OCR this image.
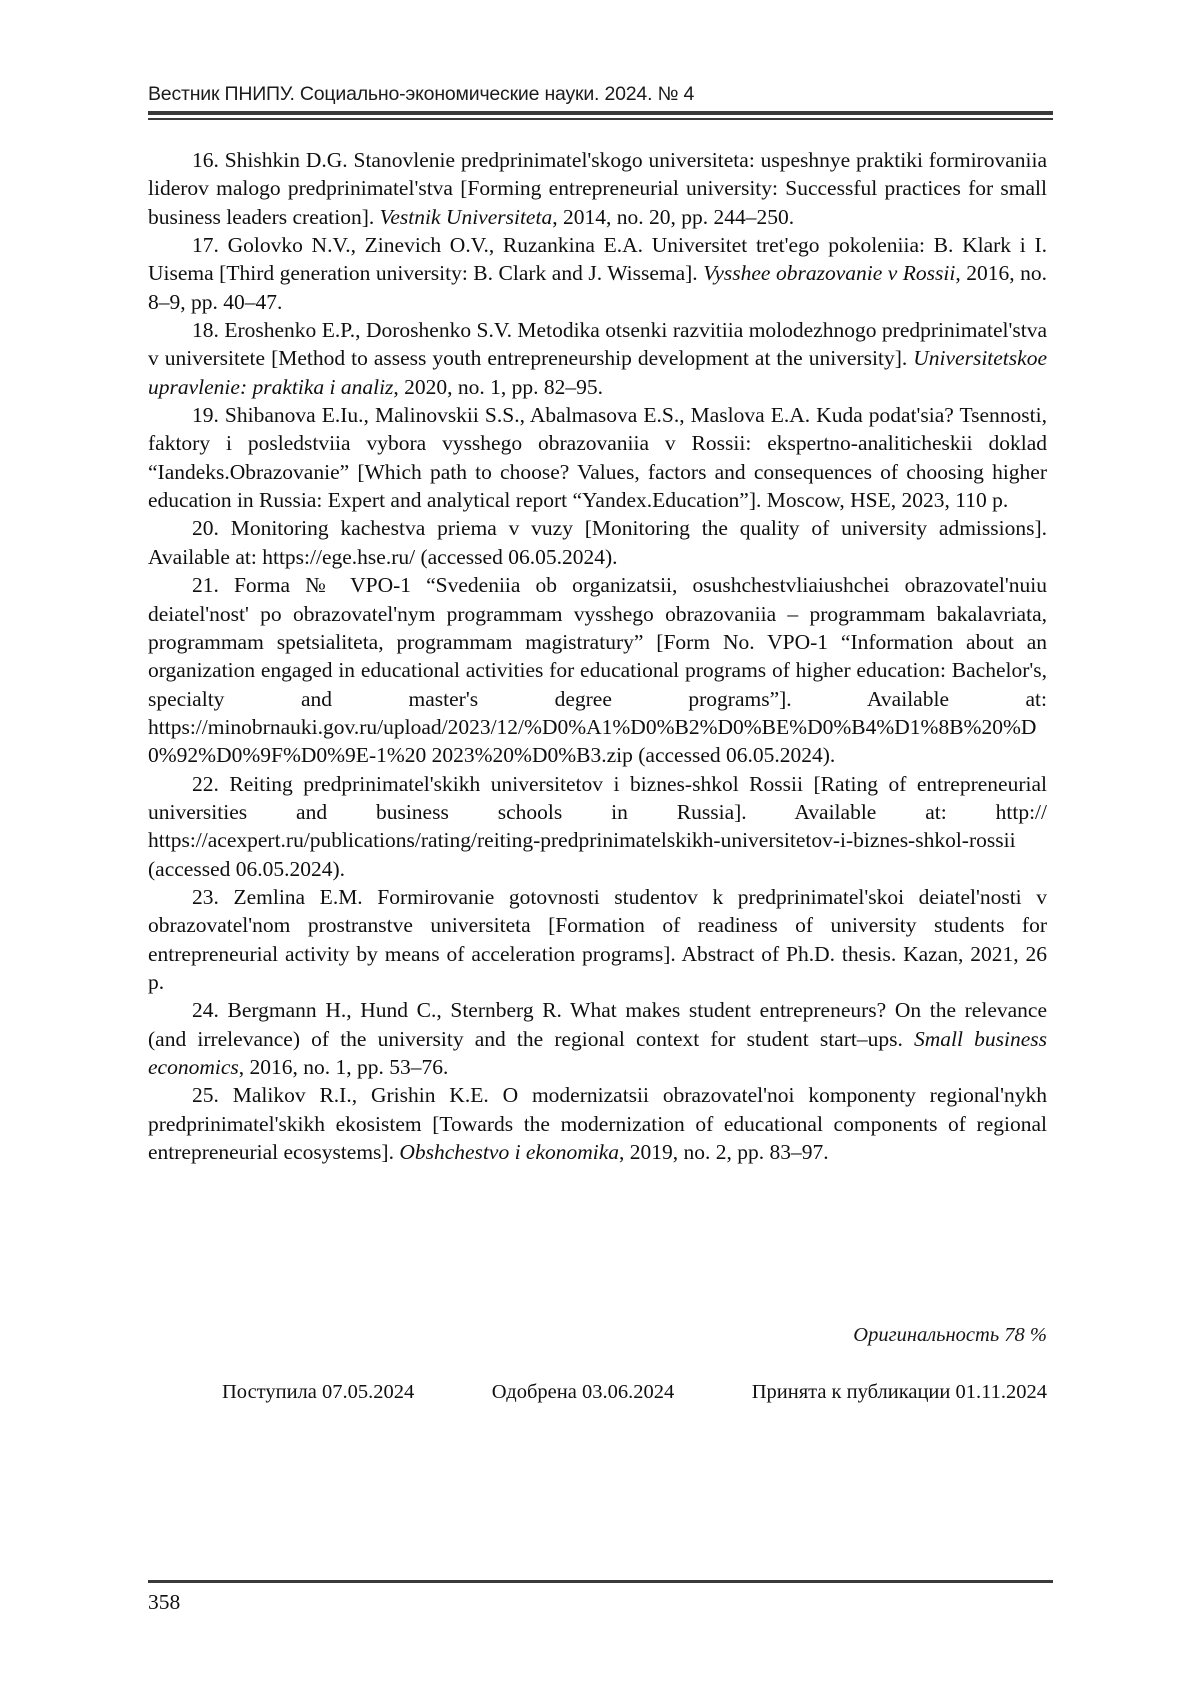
Вестник ПНИПУ. Социально-экономические науки. 2024. № 4

16. Shishkin D.G. Stanovlenie predprinimatel'skogo universiteta: uspeshnye praktiki formirovaniia liderov malogo predprinimatel'stva [Forming entrepreneurial university: Successful practices for small business leaders creation]. Vestnik Universiteta, 2014, no. 20, pp. 244–250.

17. Golovko N.V., Zinevich O.V., Ruzankina E.A. Universitet tret'ego pokoleniia: B. Klark i I. Uisema [Third generation university: B. Clark and J. Wissema]. Vysshee obrazovanie v Rossii, 2016, no. 8–9, pp. 40–47.

18. Eroshenko E.P., Doroshenko S.V. Metodika otsenki razvitiia molodezhnogo predprinimatel'stva v universitete [Method to assess youth entrepreneurship development at the university]. Universitetskoe upravlenie: praktika i analiz, 2020, no. 1, pp. 82–95.

19. Shibanova E.Iu., Malinovskii S.S., Abalmasova E.S., Maslova E.A. Kuda podat'sia? Tsennosti, faktory i posledstviia vybora vysshego obrazovaniia v Rossii: ekspertno-analiticheskii doklad “Iandeks.Obrazovanie” [Which path to choose? Values, factors and consequences of choosing higher education in Russia: Expert and analytical report “Yandex.Education”]. Moscow, HSE, 2023, 110 p.

20. Monitoring kachestva priema v vuzy [Monitoring the quality of university admissions]. Available at: https://ege.hse.ru/ (accessed 06.05.2024).

21. Forma № VPO-1 “Svedeniia ob organizatsii, osushchestvliaiushchei obrazovatel'nuiu deiatel'nost' po obrazovatel'nym programmam vysshego obrazovaniia – programmam bakalavriata, programmam spetsialiteta, programmam magistratury” [Form No. VPO-1 “Information about an organization engaged in educational activities for educational programs of higher education: Bachelor's, specialty and master's degree programs”]. Available at: https://minobrnauki.gov.ru/upload/2023/12/%D0%A1%D0%B2%D0%BE%D0%B4%D1%8B%20%D0%92%D0%9F%D0%9E-1%20 2023%20%D0%B3.zip (accessed 06.05.2024).

22. Reiting predprinimatel'skikh universitetov i biznes-shkol Rossii [Rating of entrepreneurial universities and business schools in Russia]. Available at: http:// https://acexpert.ru/publications/rating/reiting-predprinimatelskikh-universitetov-i-biznes-shkol-rossii (accessed 06.05.2024).

23. Zemlina E.M. Formirovanie gotovnosti studentov k predprinimatel'skoi deiatel'nosti v obrazovatel'nom prostranstve universiteta [Formation of readiness of university students for entrepreneurial activity by means of acceleration programs]. Abstract of Ph.D. thesis. Kazan, 2021, 26 p.

24. Bergmann H., Hund C., Sternberg R. What makes student entrepreneurs? On the relevance (and irrelevance) of the university and the regional context for student start–ups. Small business economics, 2016, no. 1, pp. 53–76.

25. Malikov R.I., Grishin K.E. O modernizatsii obrazovatel'noi komponenty regional'nykh predprinimatel'skikh ekosistem [Towards the modernization of educational components of regional entrepreneurial ecosystems]. Obshchestvo i ekonomika, 2019, no. 2, pp. 83–97.

Оригинальность 78 %
Поступила 07.05.2024	Одобрена 03.06.2024	Принята к публикации 01.11.2024
358
